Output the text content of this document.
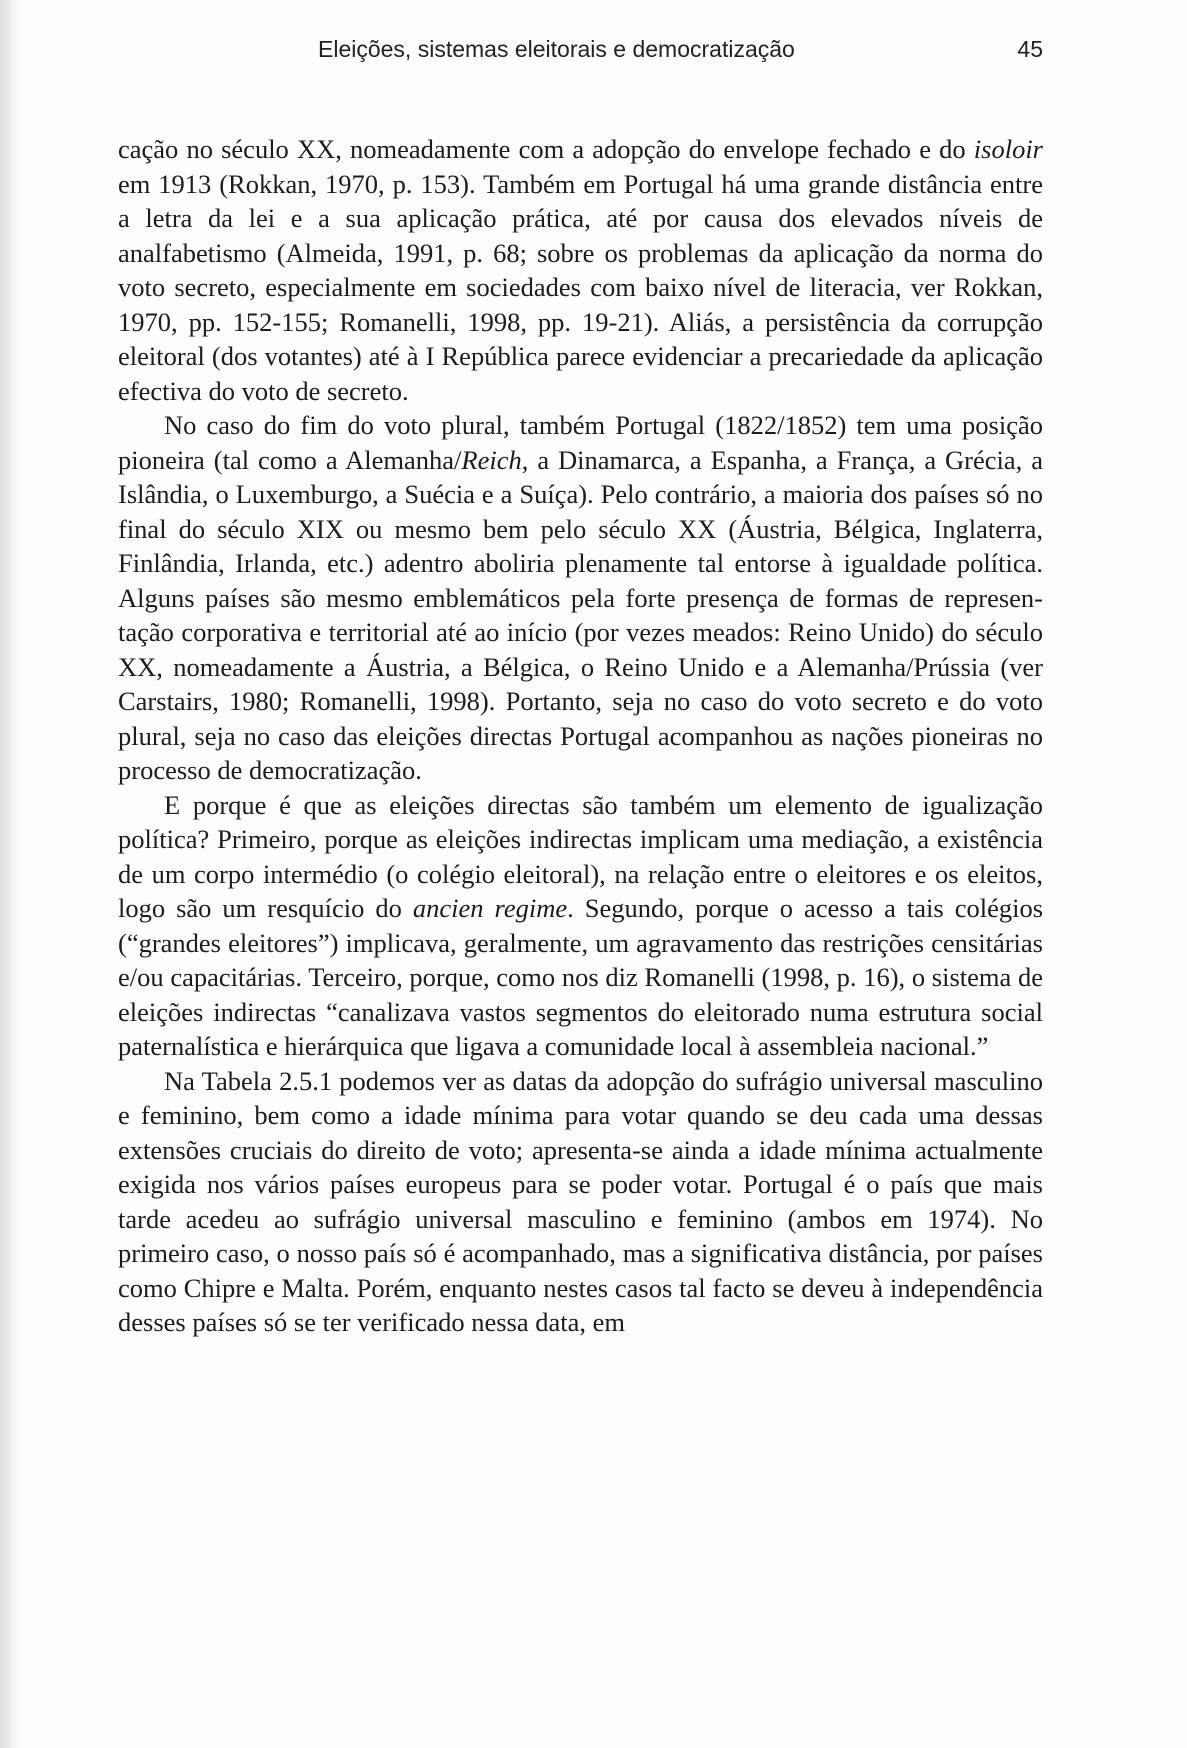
Eleições, sistemas eleitorais e democratização	45

cação no século XX, nomeadamente com a adopção do envelope fechado e do isoloir em 1913 (Rokkan, 1970, p. 153). Também em Portugal há uma grande distância entre a letra da lei e a sua aplicação prática, até por causa dos elevados níveis de analfabetismo (Almeida, 1991, p. 68; sobre os problemas da aplicação da norma do voto secreto, especialmente em sociedades com baixo nível de literacia, ver Rokkan, 1970, pp. 152-155; Romanelli, 1998, pp. 19-21). Aliás, a persistência da corrupção eleitoral (dos votantes) até à I República parece evidenciar a precariedade da aplicação efectiva do voto de secreto.

No caso do fim do voto plural, também Portugal (1822/1852) tem uma posição pioneira (tal como a Alemanha/Reich, a Dinamarca, a Espanha, a França, a Grécia, a Islândia, o Luxemburgo, a Suécia e a Suíça). Pelo contrário, a maioria dos países só no final do século XIX ou mesmo bem pelo século XX (Áustria, Bélgica, Inglaterra, Finlândia, Irlanda, etc.) adentro aboliria plenamente tal entorse à igualdade política. Alguns países são mesmo emblemáticos pela forte presença de formas de representação corporativa e territorial até ao início (por vezes meados: Reino Unido) do século XX, nomeadamente a Áustria, a Bélgica, o Reino Unido e a Alemanha/Prússia (ver Carstairs, 1980; Romanelli, 1998). Portanto, seja no caso do voto secreto e do voto plural, seja no caso das eleições directas Portugal acompanhou as nações pioneiras no processo de democratização.

E porque é que as eleições directas são também um elemento de igualização política? Primeiro, porque as eleições indirectas implicam uma mediação, a existência de um corpo intermédio (o colégio eleitoral), na relação entre o eleitores e os eleitos, logo são um resquício do ancien regime. Segundo, porque o acesso a tais colégios (“grandes eleitores”) implicava, geralmente, um agravamento das restrições censitárias e/ou capacitárias. Terceiro, porque, como nos diz Romanelli (1998, p. 16), o sistema de eleições indirectas “canalizava vastos segmentos do eleitorado numa estrutura social paternalística e hierárquica que ligava a comunidade local à assembleia nacional.”

Na Tabela 2.5.1 podemos ver as datas da adopção do sufrágio universal masculino e feminino, bem como a idade mínima para votar quando se deu cada uma dessas extensões cruciais do direito de voto; apresenta-se ainda a idade mínima actualmente exigida nos vários países europeus para se poder votar. Portugal é o país que mais tarde acedeu ao sufrágio universal masculino e feminino (ambos em 1974). No primeiro caso, o nosso país só é acompanhado, mas a significativa distância, por países como Chipre e Malta. Porém, enquanto nestes casos tal facto se deveu à independência desses países só se ter verificado nessa data, em
